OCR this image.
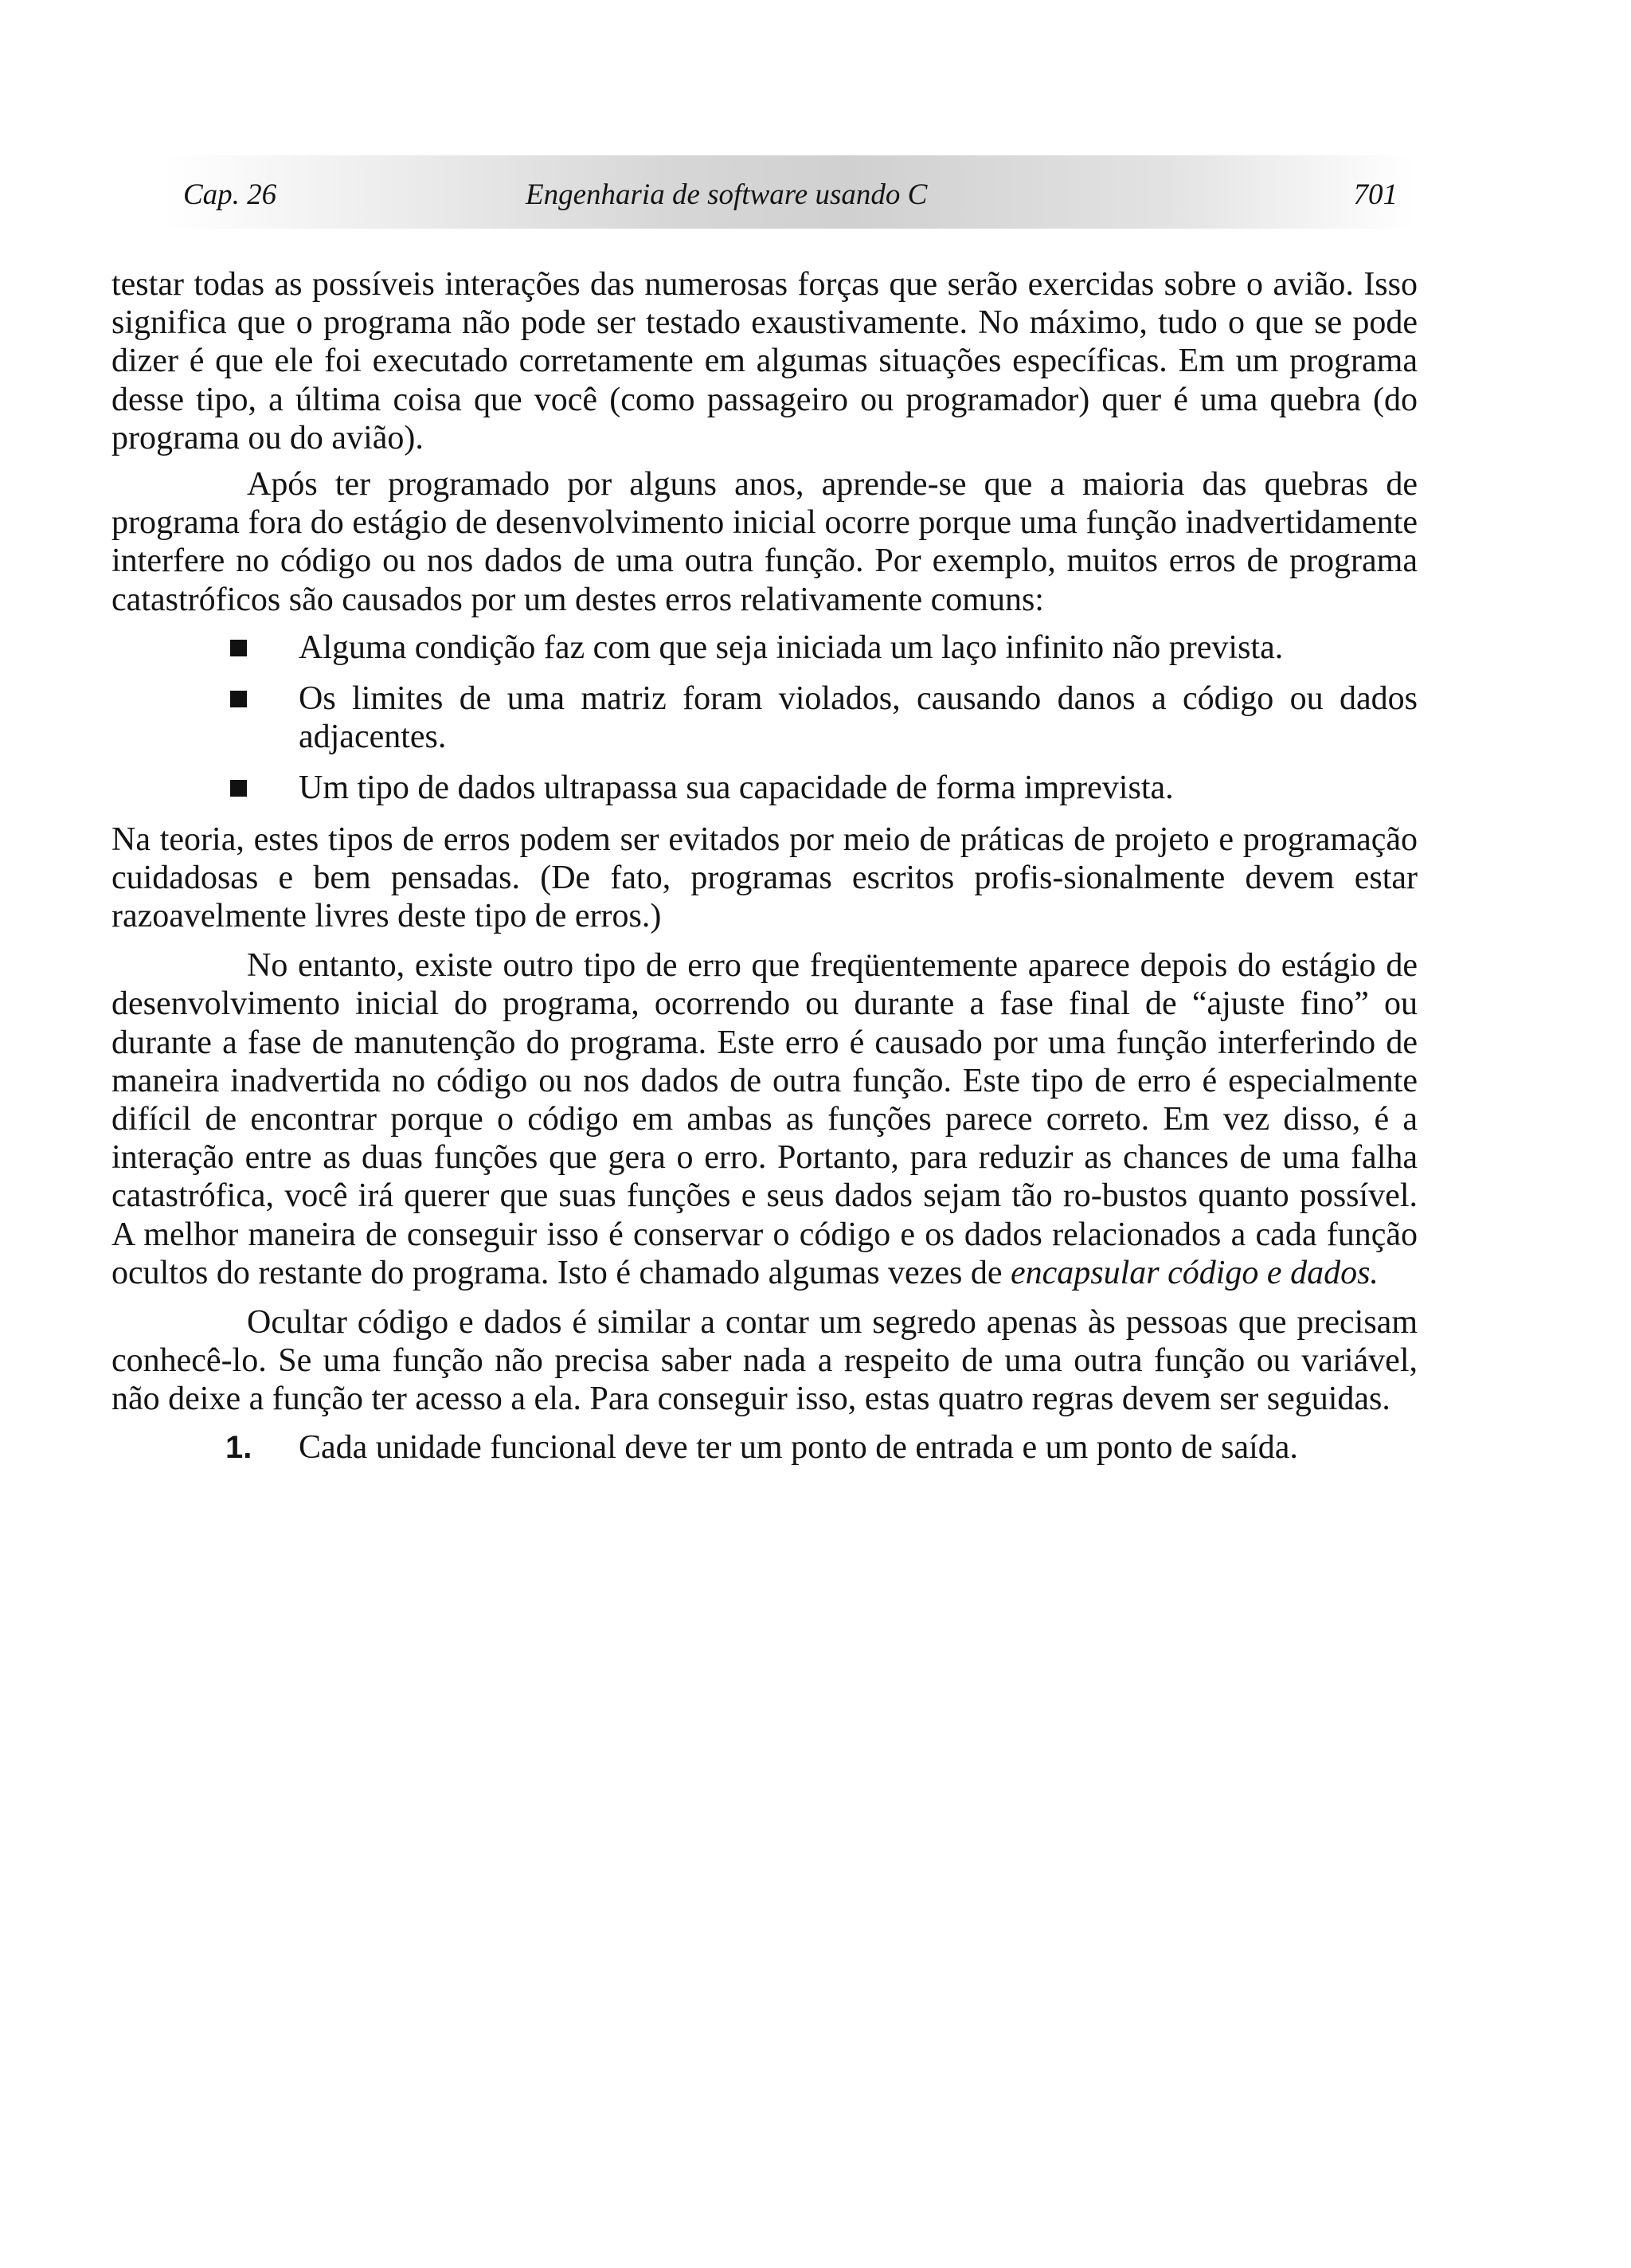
Cap. 26	Engenharia de software usando C	701

testar todas as possíveis interações das numerosas forças que serão exercidas sobre o avião. Isso significa que o programa não pode ser testado exaustivamente. No máximo, tudo o que se pode dizer é que ele foi executado corretamente em algumas situações específicas. Em um programa desse tipo, a última coisa que você (como passageiro ou programador) quer é uma quebra (do programa ou do avião).

Após ter programado por alguns anos, aprende-se que a maioria das quebras de programa fora do estágio de desenvolvimento inicial ocorre porque uma função inadvertidamente interfere no código ou nos dados de uma outra função. Por exemplo, muitos erros de programa catastróficos são causados por um destes erros relativamente comuns:

Alguma condição faz com que seja iniciada um laço infinito não prevista.
Os limites de uma matriz foram violados, causando danos a código ou dados adjacentes.
Um tipo de dados ultrapassa sua capacidade de forma imprevista.

Na teoria, estes tipos de erros podem ser evitados por meio de práticas de projeto e programação cuidadosas e bem pensadas. (De fato, programas escritos profis-sionalmente devem estar razoavelmente livres deste tipo de erros.)

No entanto, existe outro tipo de erro que freqüentemente aparece depois do estágio de desenvolvimento inicial do programa, ocorrendo ou durante a fase final de “ajuste fino” ou durante a fase de manutenção do programa. Este erro é causado por uma função interferindo de maneira inadvertida no código ou nos dados de outra função. Este tipo de erro é especialmente difícil de encontrar porque o código em ambas as funções parece correto. Em vez disso, é a interação entre as duas funções que gera o erro. Portanto, para reduzir as chances de uma falha catastrófica, você irá querer que suas funções e seus dados sejam tão ro-bustos quanto possível. A melhor maneira de conseguir isso é conservar o código e os dados relacionados a cada função ocultos do restante do programa. Isto é chamado algumas vezes de encapsular código e dados.

Ocultar código e dados é similar a contar um segredo apenas às pessoas que precisam conhecê-lo. Se uma função não precisa saber nada a respeito de uma outra função ou variável, não deixe a função ter acesso a ela. Para conseguir isso, estas quatro regras devem ser seguidas.

1. Cada unidade funcional deve ter um ponto de entrada e um ponto de saída.
